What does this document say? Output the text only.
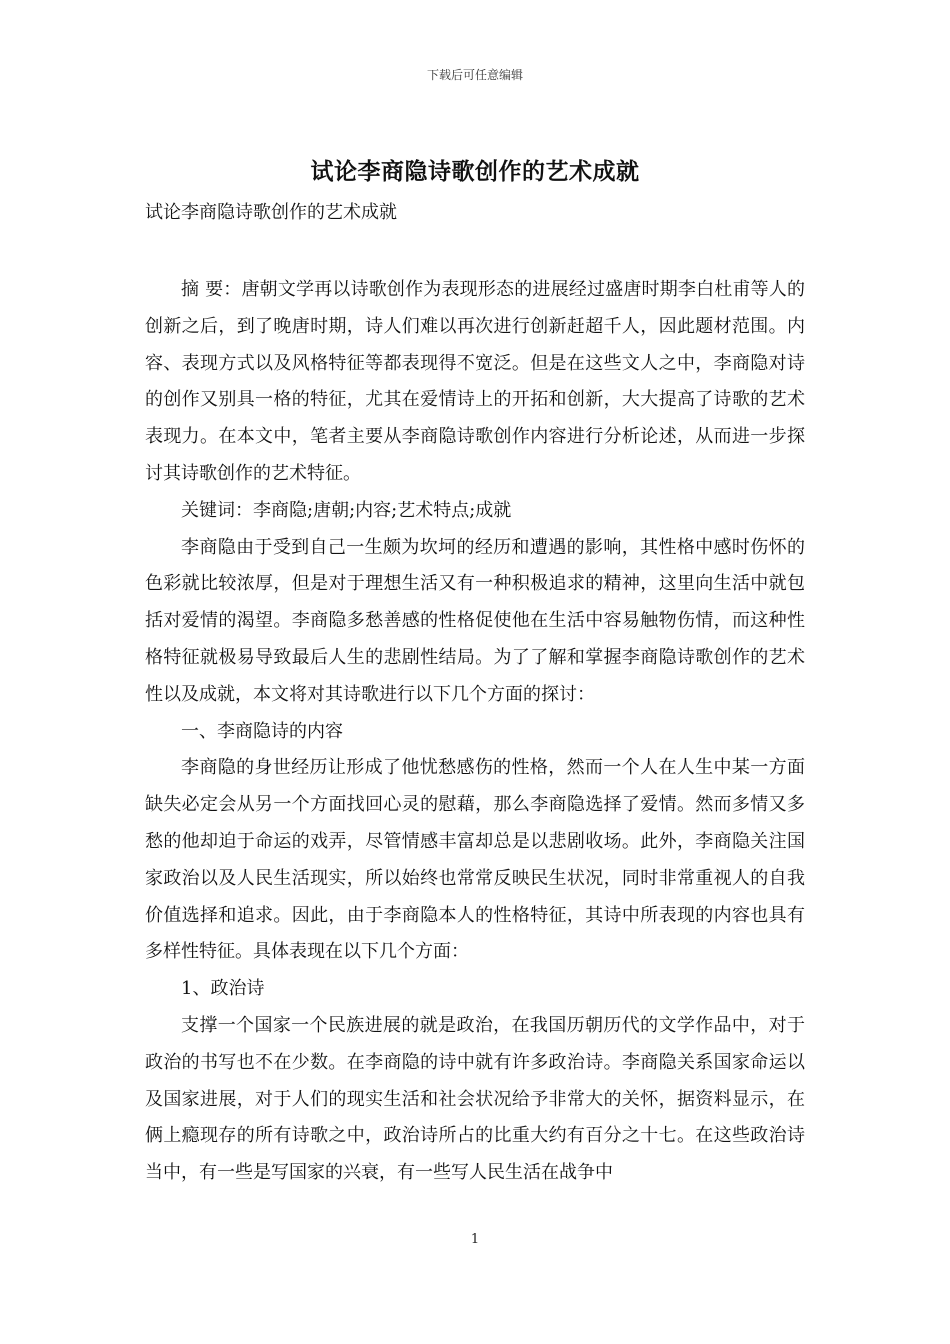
下载后可任意编辑
试论李商隐诗歌创作的艺术成就
试论李商隐诗歌创作的艺术成就

摘 要：唐朝文学再以诗歌创作为表现形态的进展经过盛唐时期李白杜甫等人的创新之后，到了晚唐时期，诗人们难以再次进行创新赶超千人，因此题材范围。内容、表现方式以及风格特征等都表现得不宽泛。但是在这些文人之中，李商隐对诗的创作又别具一格的特征，尤其在爱情诗上的开拓和创新，大大提高了诗歌的艺术表现力。在本文中，笔者主要从李商隐诗歌创作内容进行分析论述，从而进一步探讨其诗歌创作的艺术特征。

关键词：李商隐;唐朝;内容;艺术特点;成就

李商隐由于受到自己一生颇为坎坷的经历和遭遇的影响，其性格中感时伤怀的色彩就比较浓厚，但是对于理想生活又有一种积极追求的精神，这里向生活中就包括对爱情的渴望。李商隐多愁善感的性格促使他在生活中容易触物伤情，而这种性格特征就极易导致最后人生的悲剧性结局。为了了解和掌握李商隐诗歌创作的艺术性以及成就，本文将对其诗歌进行以下几个方面的探讨：

一、李商隐诗的内容

李商隐的身世经历让形成了他忧愁感伤的性格，然而一个人在人生中某一方面缺失必定会从另一个方面找回心灵的慰藉，那么李商隐选择了爱情。然而多情又多愁的他却迫于命运的戏弄，尽管情感丰富却总是以悲剧收场。此外，李商隐关注国家政治以及人民生活现实，所以始终也常常反映民生状况，同时非常重视人的自我价值选择和追求。因此，由于李商隐本人的性格特征，其诗中所表现的内容也具有多样性特征。具体表现在以下几个方面：

1、政治诗

支撑一个国家一个民族进展的就是政治，在我国历朝历代的文学作品中，对于政治的书写也不在少数。在李商隐的诗中就有许多政治诗。李商隐关系国家命运以及国家进展，对于人们的现实生活和社会状况给予非常大的关怀，据资料显示，在俩上瘾现存的所有诗歌之中，政治诗所占的比重大约有百分之十七。在这些政治诗当中，有一些是写国家的兴衰，有一些写人民生活在战争中

1
